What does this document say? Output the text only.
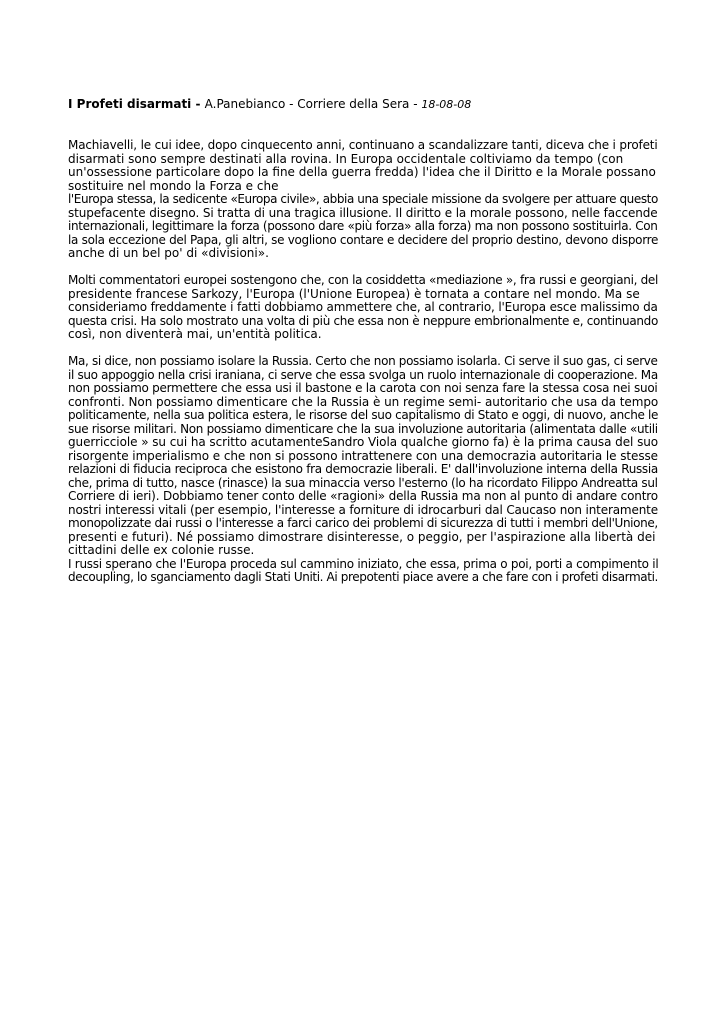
I Profeti disarmati - A.Panebianco - Corriere della Sera - 18-08-08
Machiavelli, le cui idee, dopo cinquecento anni, continuano a scandalizzare tanti, diceva che i profeti
disarmati sono sempre destinati alla rovina. In Europa occidentale coltiviamo da tempo (con
un'ossessione particolare dopo la fine della guerra fredda) l'idea che il Diritto e la Morale possano
sostituire nel mondo la Forza e che
l'Europa stessa, la sedicente «Europa civile», abbia una speciale missione da svolgere per attuare questo
stupefacente disegno. Si tratta di una tragica illusione. Il diritto e la morale possono, nelle faccende
internazionali, legittimare la forza (possono dare «più forza» alla forza) ma non possono sostituirla. Con
la sola eccezione del Papa, gli altri, se vogliono contare e decidere del proprio destino, devono disporre
anche di un bel po' di «divisioni».
Molti commentatori europei sostengono che, con la cosiddetta «mediazione », fra russi e georgiani, del
presidente francese Sarkozy, l'Europa (l'Unione Europea) è tornata a contare nel mondo. Ma se
consideriamo freddamente i fatti dobbiamo ammettere che, al contrario, l'Europa esce malissimo da
questa crisi. Ha solo mostrato una volta di più che essa non è neppure embrionalmente e, continuando
così, non diventerà mai, un'entità politica.
Ma, si dice, non possiamo isolare la Russia. Certo che non possiamo isolarla. Ci serve il suo gas, ci serve
il suo appoggio nella crisi iraniana, ci serve che essa svolga un ruolo internazionale di cooperazione. Ma
non possiamo permettere che essa usi il bastone e la carota con noi senza fare la stessa cosa nei suoi
confronti. Non possiamo dimenticare che la Russia è un regime semi- autoritario che usa da tempo
politicamente, nella sua politica estera, le risorse del suo capitalismo di Stato e oggi, di nuovo, anche le
sue risorse militari. Non possiamo dimenticare che la sua involuzione autoritaria (alimentata dalle «utili
guerricciole » su cui ha scritto acutamenteSandro Viola qualche giorno fa) è la prima causa del suo
risorgente imperialismo e che non si possono intrattenere con una democrazia autoritaria le stesse
relazioni di fiducia reciproca che esistono fra democrazie liberali. E' dall'involuzione interna della Russia
che, prima di tutto, nasce (rinasce) la sua minaccia verso l'esterno (lo ha ricordato Filippo Andreatta sul
Corriere di ieri). Dobbiamo tener conto delle «ragioni» della Russia ma non al punto di andare contro
nostri interessi vitali (per esempio, l'interesse a forniture di idrocarburi dal Caucaso non interamente
monopolizzate dai russi o l'interesse a farci carico dei problemi di sicurezza di tutti i membri dell'Unione,
presenti e futuri). Né possiamo dimostrare disinteresse, o peggio, per l'aspirazione alla libertà dei
cittadini delle ex colonie russe.
I russi sperano che l'Europa proceda sul cammino iniziato, che essa, prima o poi, porti a compimento il
decoupling, lo sganciamento dagli Stati Uniti. Ai prepotenti piace avere a che fare con i profeti disarmati.
